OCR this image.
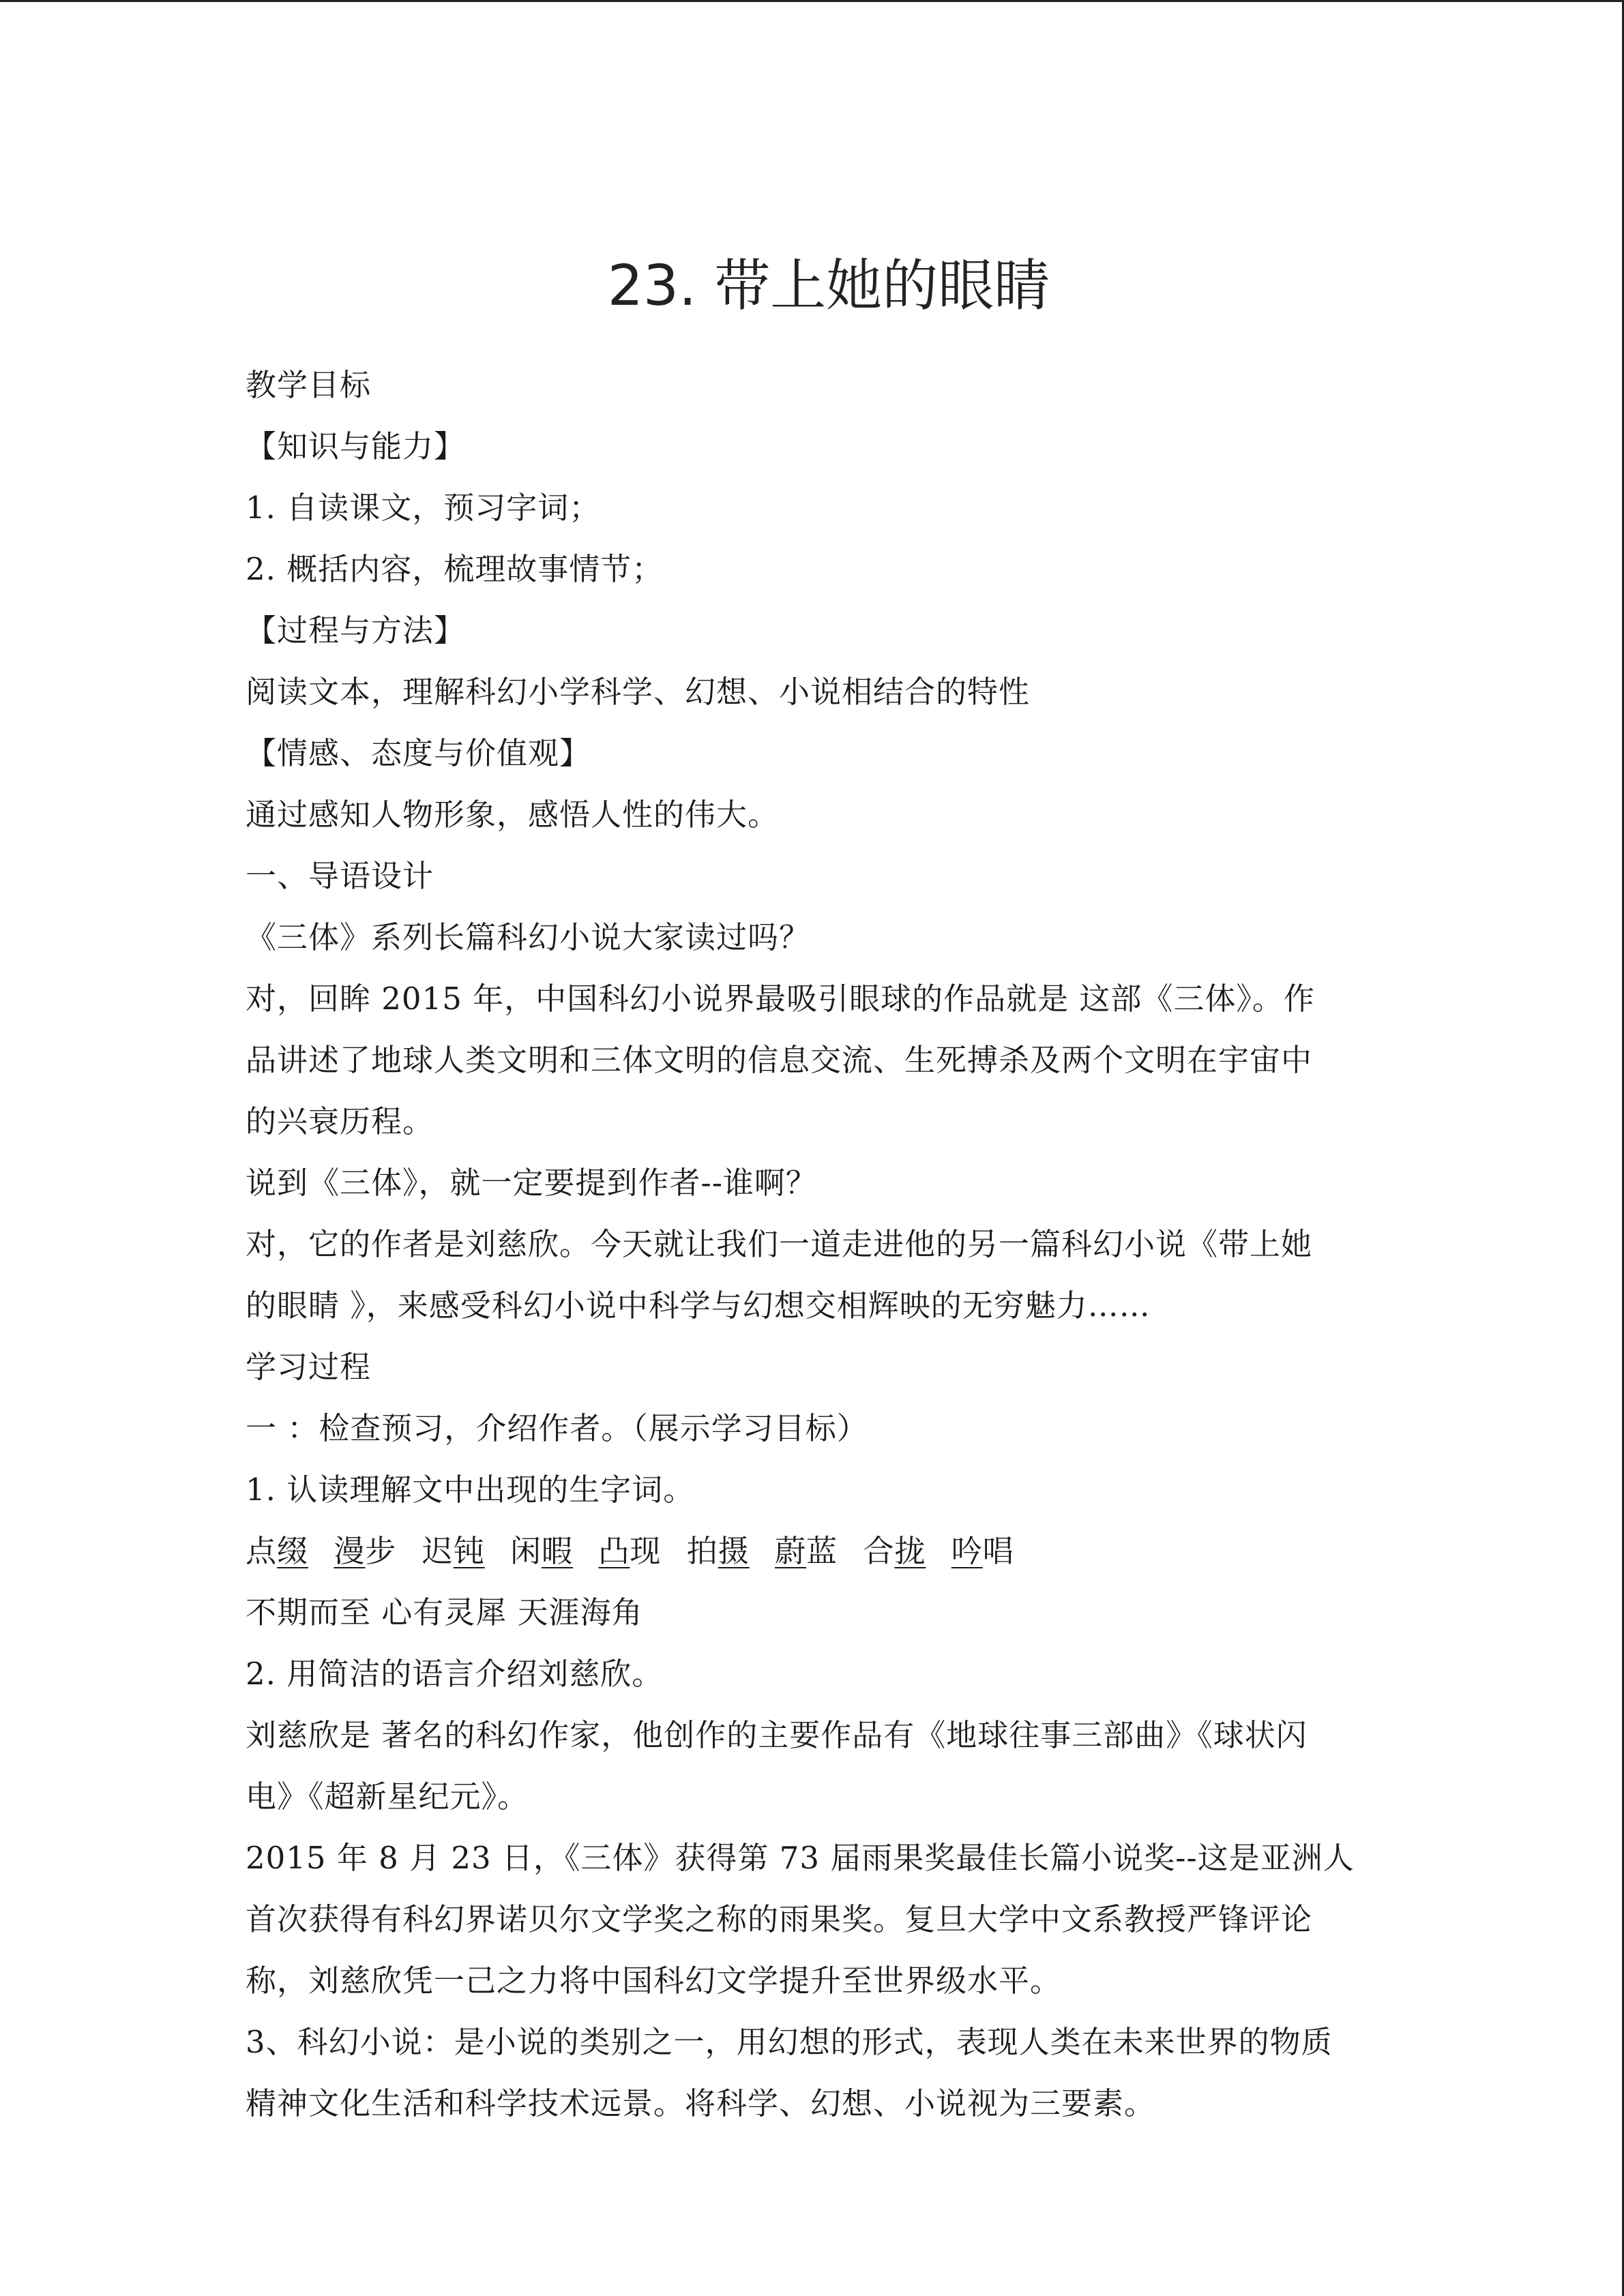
23. 带上她的眼睛
教学目标
【知识与能力】
1. 自读课文，预习字词；
2. 概括内容，梳理故事情节；
【过程与方法】
阅读文本，理解科幻小学科学、幻想、小说相结合的特性
【情感、态度与价值观】
通过感知人物形象，感悟人性的伟大。
一、导语设计
《三体》系列长篇科幻小说大家读过吗？
对，回眸 2015 年，中国科幻小说界最吸引眼球的作品就是 这部《三体》。作
品讲述了地球人类文明和三体文明的信息交流、生死搏杀及两个文明在宇宙中
的兴衰历程。
说到《三体》，就一定要提到作者--谁啊？
对，它的作者是刘慈欣。今天就让我们一道走进他的另一篇科幻小说《带上她
的眼睛 》，来感受科幻小说中科学与幻想交相辉映的无穷魅力……
学习过程
一 ：检查预习，介绍作者。（展示学习目标）
1. 认读理解文中出现的生字词。
点缀 漫步 迟钝 闲暇 凸现 拍摄 蔚蓝 合拢 吟唱
不期而至 心有灵犀 天涯海角
2. 用简洁的语言介绍刘慈欣。
刘慈欣是 著名的科幻作家，他创作的主要作品有《地球往事三部曲》《球状闪
电》《超新星纪元》。
2015 年 8 月 23 日，《三体》获得第 73 届雨果奖最佳长篇小说奖--这是亚洲人
首次获得有科幻界诺贝尔文学奖之称的雨果奖。复旦大学中文系教授严锋评论
称，刘慈欣凭一己之力将中国科幻文学提升至世界级水平。
3、科幻小说：是小说的类别之一，用幻想的形式，表现人类在未来世界的物质
精神文化生活和科学技术远景。将科学、幻想、小说视为三要素。
